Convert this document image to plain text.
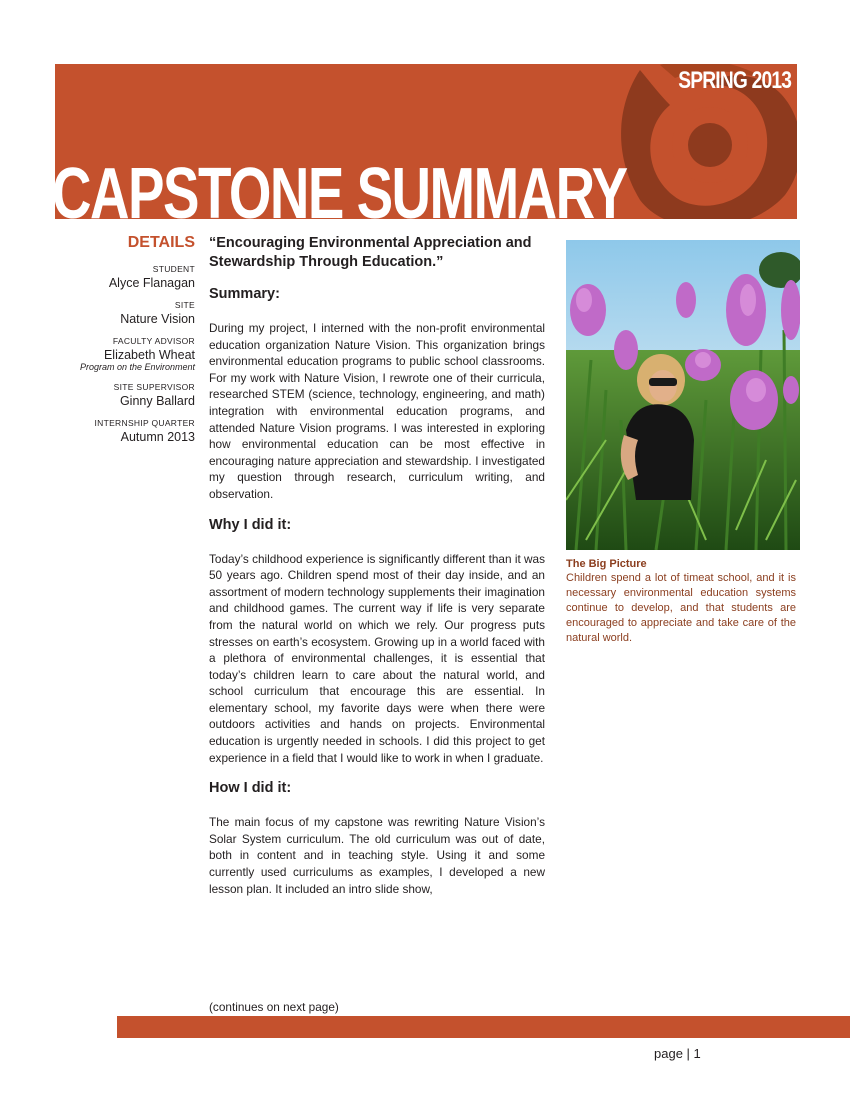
SPRING 2013
CAPSTONE SUMMARY
DETAILS
STUDENT
Alyce Flanagan
SITE
Nature Vision
FACULTY ADVISOR
Elizabeth Wheat
Program on the Environment
SITE SUPERVISOR
Ginny Ballard
INTERNSHIP QUARTER
Autumn 2013
“Encouraging Environmental Appreciation and Stewardship Through Education.”
Summary:

During my project, I interned with the non-profit environmental education organization Nature Vision. This organization brings environmental education programs to public school classrooms. For my work with Nature Vision, I rewrote one of their curricula, researched STEM (science, technology, engineering, and math) integration with environmental education programs, and attended Nature Vision programs. I was interested in exploring how environmental education can be most effective in encouraging nature appreciation and stewardship. I investigated my question through research, curriculum writing, and observation.

Why I did it:

Today’s childhood experience is significantly different than it was 50 years ago. Children spend most of their day inside, and an assortment of modern technology supplements their imagination and childhood games. The current way if life is very separate from the natural world on which we rely. Our progress puts stresses on earth’s ecosystem. Growing up in a world faced with a plethora of environmental challenges, it is essential that today’s children learn to care about the natural world, and school curriculum that encourage this are essential. In elementary school, my favorite days were when there were outdoors activities and hands on projects. Environmental education is urgently needed in schools. I did this project to get experience in a field that I would like to work in when I graduate.

How I did it:

The main focus of my capstone was rewriting Nature Vision’s Solar System curriculum. The old curriculum was out of date, both in content and in teaching style. Using it and some currently used curriculums as examples, I developed a new lesson plan. It included an intro slide show,

(continues on next page)
The Big Picture
Children spend a lot of timeat school, and it is necessary environmental education systems continue to develop, and that students are encouraged to appreciate and take care of the natural world.
page | 1
